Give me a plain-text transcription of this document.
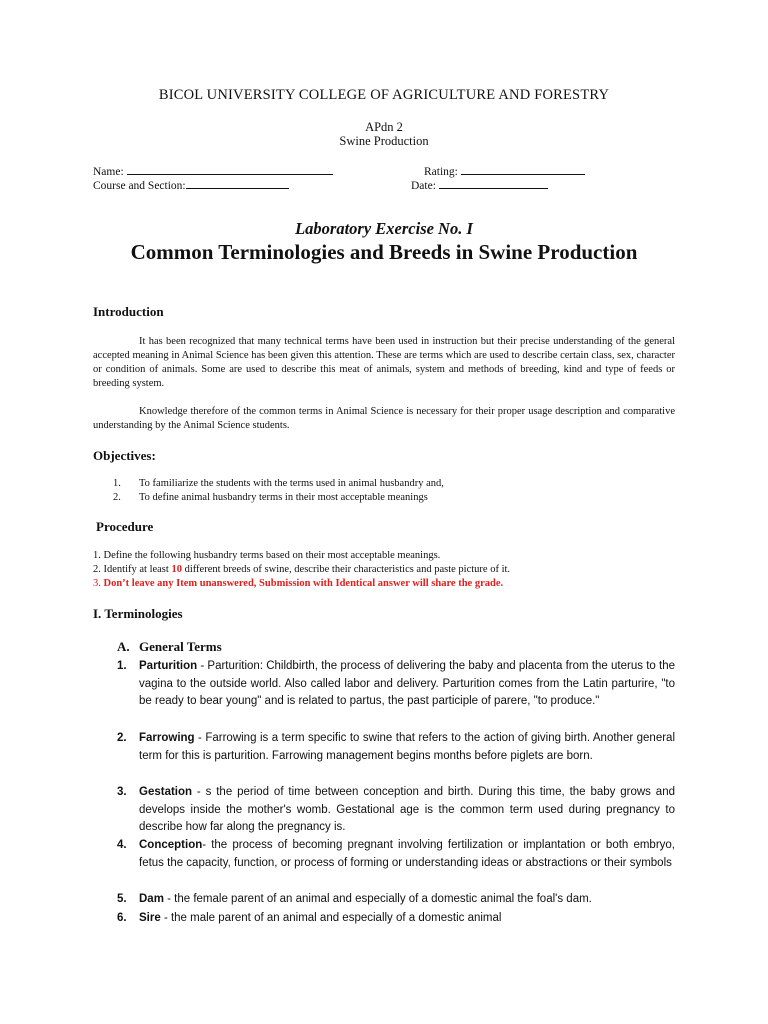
BICOL UNIVERSITY COLLEGE OF AGRICULTURE AND FORESTRY
APdn 2
Swine Production
Name:	Rating:
Course and Section:	Date:
Laboratory Exercise No. I
Common Terminologies and Breeds in Swine Production
Introduction
It has been recognized that many technical terms have been used in instruction but their precise understanding of the general accepted meaning in Animal Science has been given this attention. These are terms which are used to describe certain class, sex, character or condition of animals. Some are used to describe this meat of animals, system and methods of breeding, kind and type of feeds or breeding system.
Knowledge therefore of the common terms in Animal Science is necessary for their proper usage description and comparative understanding by the Animal Science students.
Objectives:
1. To familiarize the students with the terms used in animal husbandry and,
2. To define animal husbandry terms in their most acceptable meanings
Procedure
1. Define the following husbandry terms based on their most acceptable meanings.
2. Identify at least 10 different breeds of swine, describe their characteristics and paste picture of it.
3. Don’t leave any Item unanswered, Submission with Identical answer will share the grade.
I. Terminologies
A. General Terms
1. Parturition - Parturition: Childbirth, the process of delivering the baby and placenta from the uterus to the vagina to the outside world. Also called labor and delivery. Parturition comes from the Latin parturire, "to be ready to bear young" and is related to partus, the past participle of parere, "to produce."
2. Farrowing - Farrowing is a term specific to swine that refers to the action of giving birth. Another general term for this is parturition. Farrowing management begins months before piglets are born.
3. Gestation - s the period of time between conception and birth. During this time, the baby grows and develops inside the mother's womb. Gestational age is the common term used during pregnancy to describe how far along the pregnancy is.
4. Conception- the process of becoming pregnant involving fertilization or implantation or both embryo, fetus the capacity, function, or process of forming or understanding ideas or abstractions or their symbols
5. Dam - the female parent of an animal and especially of a domestic animal the foal's dam.
6. Sire - the male parent of an animal and especially of a domestic animal
